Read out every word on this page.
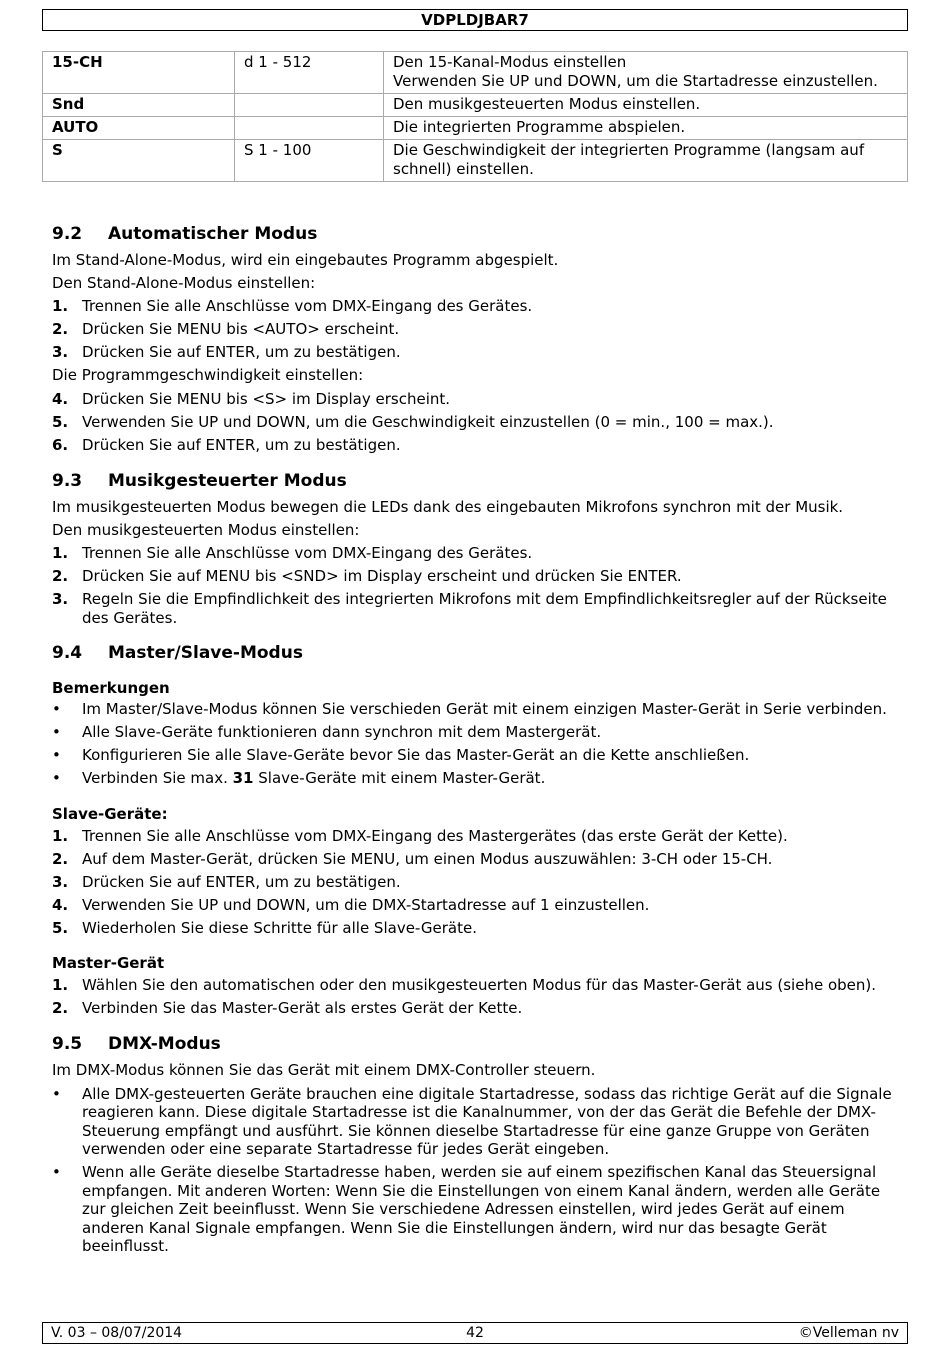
VDPLDJBAR7
15-CH	d 1 - 512	Den 15-Kanal-Modus einstellen
Verwenden Sie UP und DOWN, um die Startadresse einzustellen.

Snd		Den musikgesteuerten Modus einstellen.
AUTO		Die integrierten Programme abspielen.
S	S 1 - 100	Die Geschwindigkeit der integrierten Programme (langsam auf schnell) einstellen.
9.2 Automatischer Modus

Im Stand-Alone-Modus, wird ein eingebautes Programm abgespielt.

Den Stand-Alone-Modus einstellen:

1. Trennen Sie alle Anschlüsse vom DMX-Eingang des Gerätes.
2. Drücken Sie MENU bis <AUTO> erscheint.
3. Drücken Sie auf ENTER, um zu bestätigen.

Die Programmgeschwindigkeit einstellen:

4. Drücken Sie MENU bis <S> im Display erscheint.
5. Verwenden Sie UP und DOWN, um die Geschwindigkeit einzustellen (0 = min., 100 = max.).
6. Drücken Sie auf ENTER, um zu bestätigen.
9.3 Musikgesteuerter Modus

Im musikgesteuerten Modus bewegen die LEDs dank des eingebauten Mikrofons synchron mit der Musik.

Den musikgesteuerten Modus einstellen:

1. Trennen Sie alle Anschlüsse vom DMX-Eingang des Gerätes.
2. Drücken Sie auf MENU bis <SND> im Display erscheint und drücken Sie ENTER.
3. Regeln Sie die Empfindlichkeit des integrierten Mikrofons mit dem Empfindlichkeitsregler auf der Rückseite des Gerätes.
9.4 Master/Slave-Modus
Bemerkungen
•	Im Master/Slave-Modus können Sie verschieden Gerät mit einem einzigen Master-Gerät in Serie verbinden.
•	Alle Slave-Geräte funktionieren dann synchron mit dem Mastergerät.
•	Konfigurieren Sie alle Slave-Geräte bevor Sie das Master-Gerät an die Kette anschließen.
•	Verbinden Sie max. 31 Slave-Geräte mit einem Master-Gerät.
Slave-Geräte:
1. Trennen Sie alle Anschlüsse vom DMX-Eingang des Mastergerätes (das erste Gerät der Kette).
2. Auf dem Master-Gerät, drücken Sie MENU, um einen Modus auszuwählen: 3-CH oder 15-CH.
3. Drücken Sie auf ENTER, um zu bestätigen.
4. Verwenden Sie UP und DOWN, um die DMX-Startadresse auf 1 einzustellen.
5. Wiederholen Sie diese Schritte für alle Slave-Geräte.
Master-Gerät
1. Wählen Sie den automatischen oder den musikgesteuerten Modus für das Master-Gerät aus (siehe oben).
2. Verbinden Sie das Master-Gerät als erstes Gerät der Kette.
9.5 DMX-Modus

Im DMX-Modus können Sie das Gerät mit einem DMX-Controller steuern.

•	Alle DMX-gesteuerten Geräte brauchen eine digitale Startadresse, sodass das richtige Gerät auf die Signale reagieren kann. Diese digitale Startadresse ist die Kanalnummer, von der das Gerät die Befehle der DMX-Steuerung empfängt und ausführt. Sie können dieselbe Startadresse für eine ganze Gruppe von Geräten verwenden oder eine separate Startadresse für jedes Gerät eingeben.
•	Wenn alle Geräte dieselbe Startadresse haben, werden sie auf einem spezifischen Kanal das Steuersignal empfangen. Mit anderen Worten: Wenn Sie die Einstellungen von einem Kanal ändern, werden alle Geräte zur gleichen Zeit beeinflusst. Wenn Sie verschiedene Adressen einstellen, wird jedes Gerät auf einem anderen Kanal Signale empfangen. Wenn Sie die Einstellungen ändern, wird nur das besagte Gerät beeinflusst.
V. 03 – 08/07/2014	42	©Velleman nv
